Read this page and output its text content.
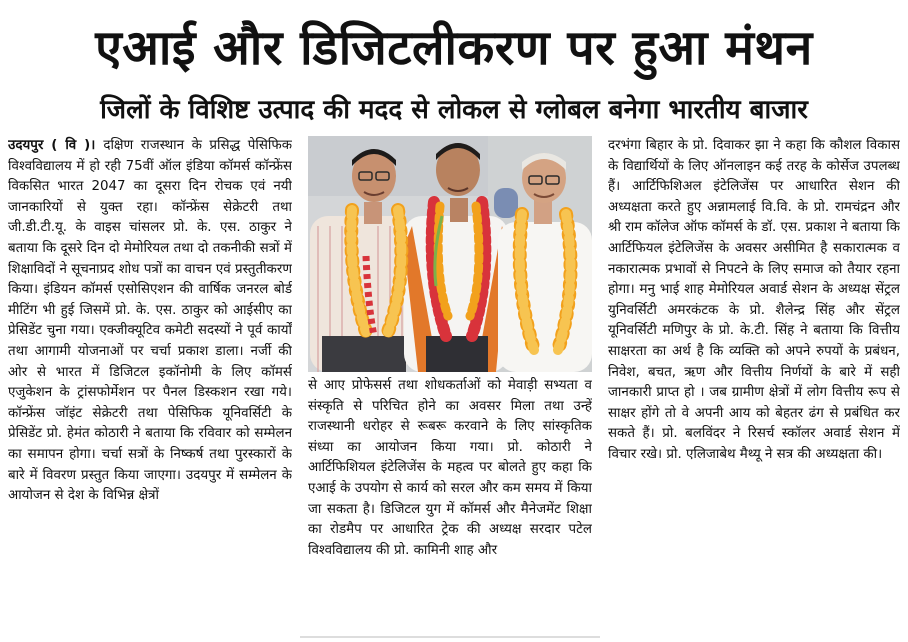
एआई और डिजिटलीकरण पर हुआ मंथन
जिलों के विशिष्ट उत्पाद की मदद से लोकल से ग्लोबल बनेगा भारतीय बाजार
उदयपुर ( वि )। दक्षिण राजस्थान के प्रसिद्ध पेसिफिक विश्वविद्यालय में हो रही 75वीं ऑल इंडिया कॉमर्स कॉन्फ्रेंस विकसित भारत 2047 का दूसरा दिन रोचक एवं नयी जानकारियों से युक्त रहा। कॉन्फ्रेंस सेक्रेटरी तथा जी.डी.टी.यू. के वाइस चांसलर प्रो. के. एस. ठाकुर ने बताया कि दूसरे दिन दो मेमोरियल तथा दो तकनीकी सत्रों में शिक्षाविदों ने सूचनाप्रद शोध पत्रों का वाचन एवं प्रस्तुतीकरण किया। इंडियन कॉमर्स एसोसिएशन की वार्षिक जनरल बोर्ड मीटिंग भी हुई जिसमें प्रो. के. एस. ठाकुर को आईसीए का प्रेसिडेंट चुना गया। एक्जीक्यूटिव कमेटी सदस्यों ने पूर्व कार्यों तथा आगामी योजनाओं पर चर्चा प्रकाश डाला। नर्जी की ओर से भारत में डिजिटल इकॉनोमी के लिए कॉमर्स एजुकेशन के ट्रांसफोर्मेशन पर पैनल डिस्कशन रखा गये। कॉन्फ्रेंस जॉइंट सेक्रेटरी तथा पेसिफिक यूनिवर्सिटी के प्रेसिडेंट प्रो. हेमंत कोठारी ने बताया कि रविवार को सम्मेलन का समापन होगा। चर्चा सत्रों के निष्कर्ष तथा पुरस्कारों के बारे में विवरण प्रस्तुत किया जाएगा। उदयपुर में सम्मेलन के आयोजन से देश के विभिन्न क्षेत्रों
से आए प्रोफेसर्स तथा शोधकर्ताओं को मेवाड़ी सभ्यता व संस्कृति से परिचित होने का अवसर मिला तथा उन्हें राजस्थानी धरोहर से रूबरू करवाने के लिए सांस्कृतिक संध्या का आयोजन किया गया। प्रो. कोठारी ने आर्टिफिशियल इंटेलिजेंस के महत्व पर बोलते हुए कहा कि एआई के उपयोग से कार्य को सरल और कम समय में किया जा सकता है। डिजिटल युग में कॉमर्स और मैनेजमेंट शिक्षा का रोडमैप पर आधारित ट्रेक की अध्यक्ष सरदार पटेल विश्वविद्यालय की प्रो. कामिनी शाह और
दरभंगा बिहार के प्रो. दिवाकर झा ने कहा कि कौशल विकास के विद्यार्थियों के लिए ऑनलाइन कई तरह के कोर्सेज उपलब्ध हैं। आर्टिफिशिअल इंटेलिजेंस पर आधारित सेशन की अध्यक्षता करते हुए अन्नामलाई वि.वि. के प्रो. रामचंद्रन और श्री राम कॉलेज ऑफ कॉमर्स के डॉ. एस. प्रकाश ने बताया कि आर्टिफियल इंटेलिजेंस के अवसर असीमित है सकारात्मक व नकारात्मक प्रभावों से निपटने के लिए समाज को तैयार रहना होगा। मनु भाई शाह मेमोरियल अवार्ड सेशन के अध्यक्ष सेंट्रल युनिवर्सिटी अमरकंटक के प्रो. शैलेन्द्र सिंह और सेंट्रल यूनिवर्सिटी मणिपुर के प्रो. के.टी. सिंह ने बताया कि वित्तीय साक्षरता का अर्थ है कि व्यक्ति को अपने रुपयों के प्रबंधन, निवेश, बचत, ऋण और वित्तीय निर्णयों के बारे में सही जानकारी प्राप्त हो । जब ग्रामीण क्षेत्रों में लोग वित्तीय रूप से साक्षर होंगे तो वे अपनी आय को बेहतर ढंग से प्रबंधित कर सकते हैं। प्रो. बलविंदर ने रिसर्च स्कॉलर अवार्ड सेशन में विचार रखे। प्रो. एलिजाबेथ मैथ्यू ने सत्र की अध्यक्षता की।
